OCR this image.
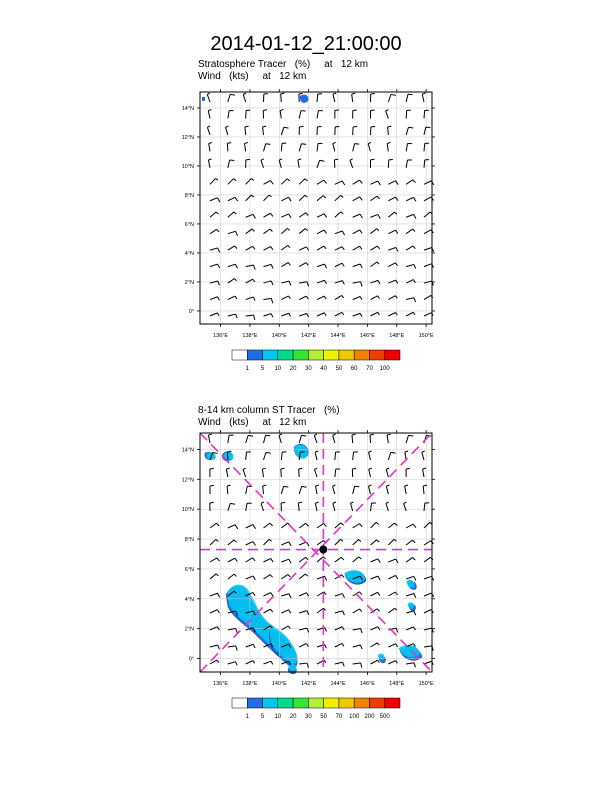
2014-01-12_21:00:00
Stratosphere Tracer   (%)     at   12 km
Wind   (kts)     at   12 km
136°E	138°E	140°E	142°E	144°E	146°E	148°E	150°E
0°
2°N
4°N
6°N
8°N
10°N
12°N
14°N
1 5 10 20 30 40 50 60 70 100
8-14 km column ST Tracer   (%)
Wind   (kts)     at   12 km
136°E	138°E	140°E	142°E	144°E	146°E	148°E	150°E
0°
2°N
4°N
6°N
8°N
10°N
12°N
14°N
1 5 10 20 30 50 70 100 200 500
